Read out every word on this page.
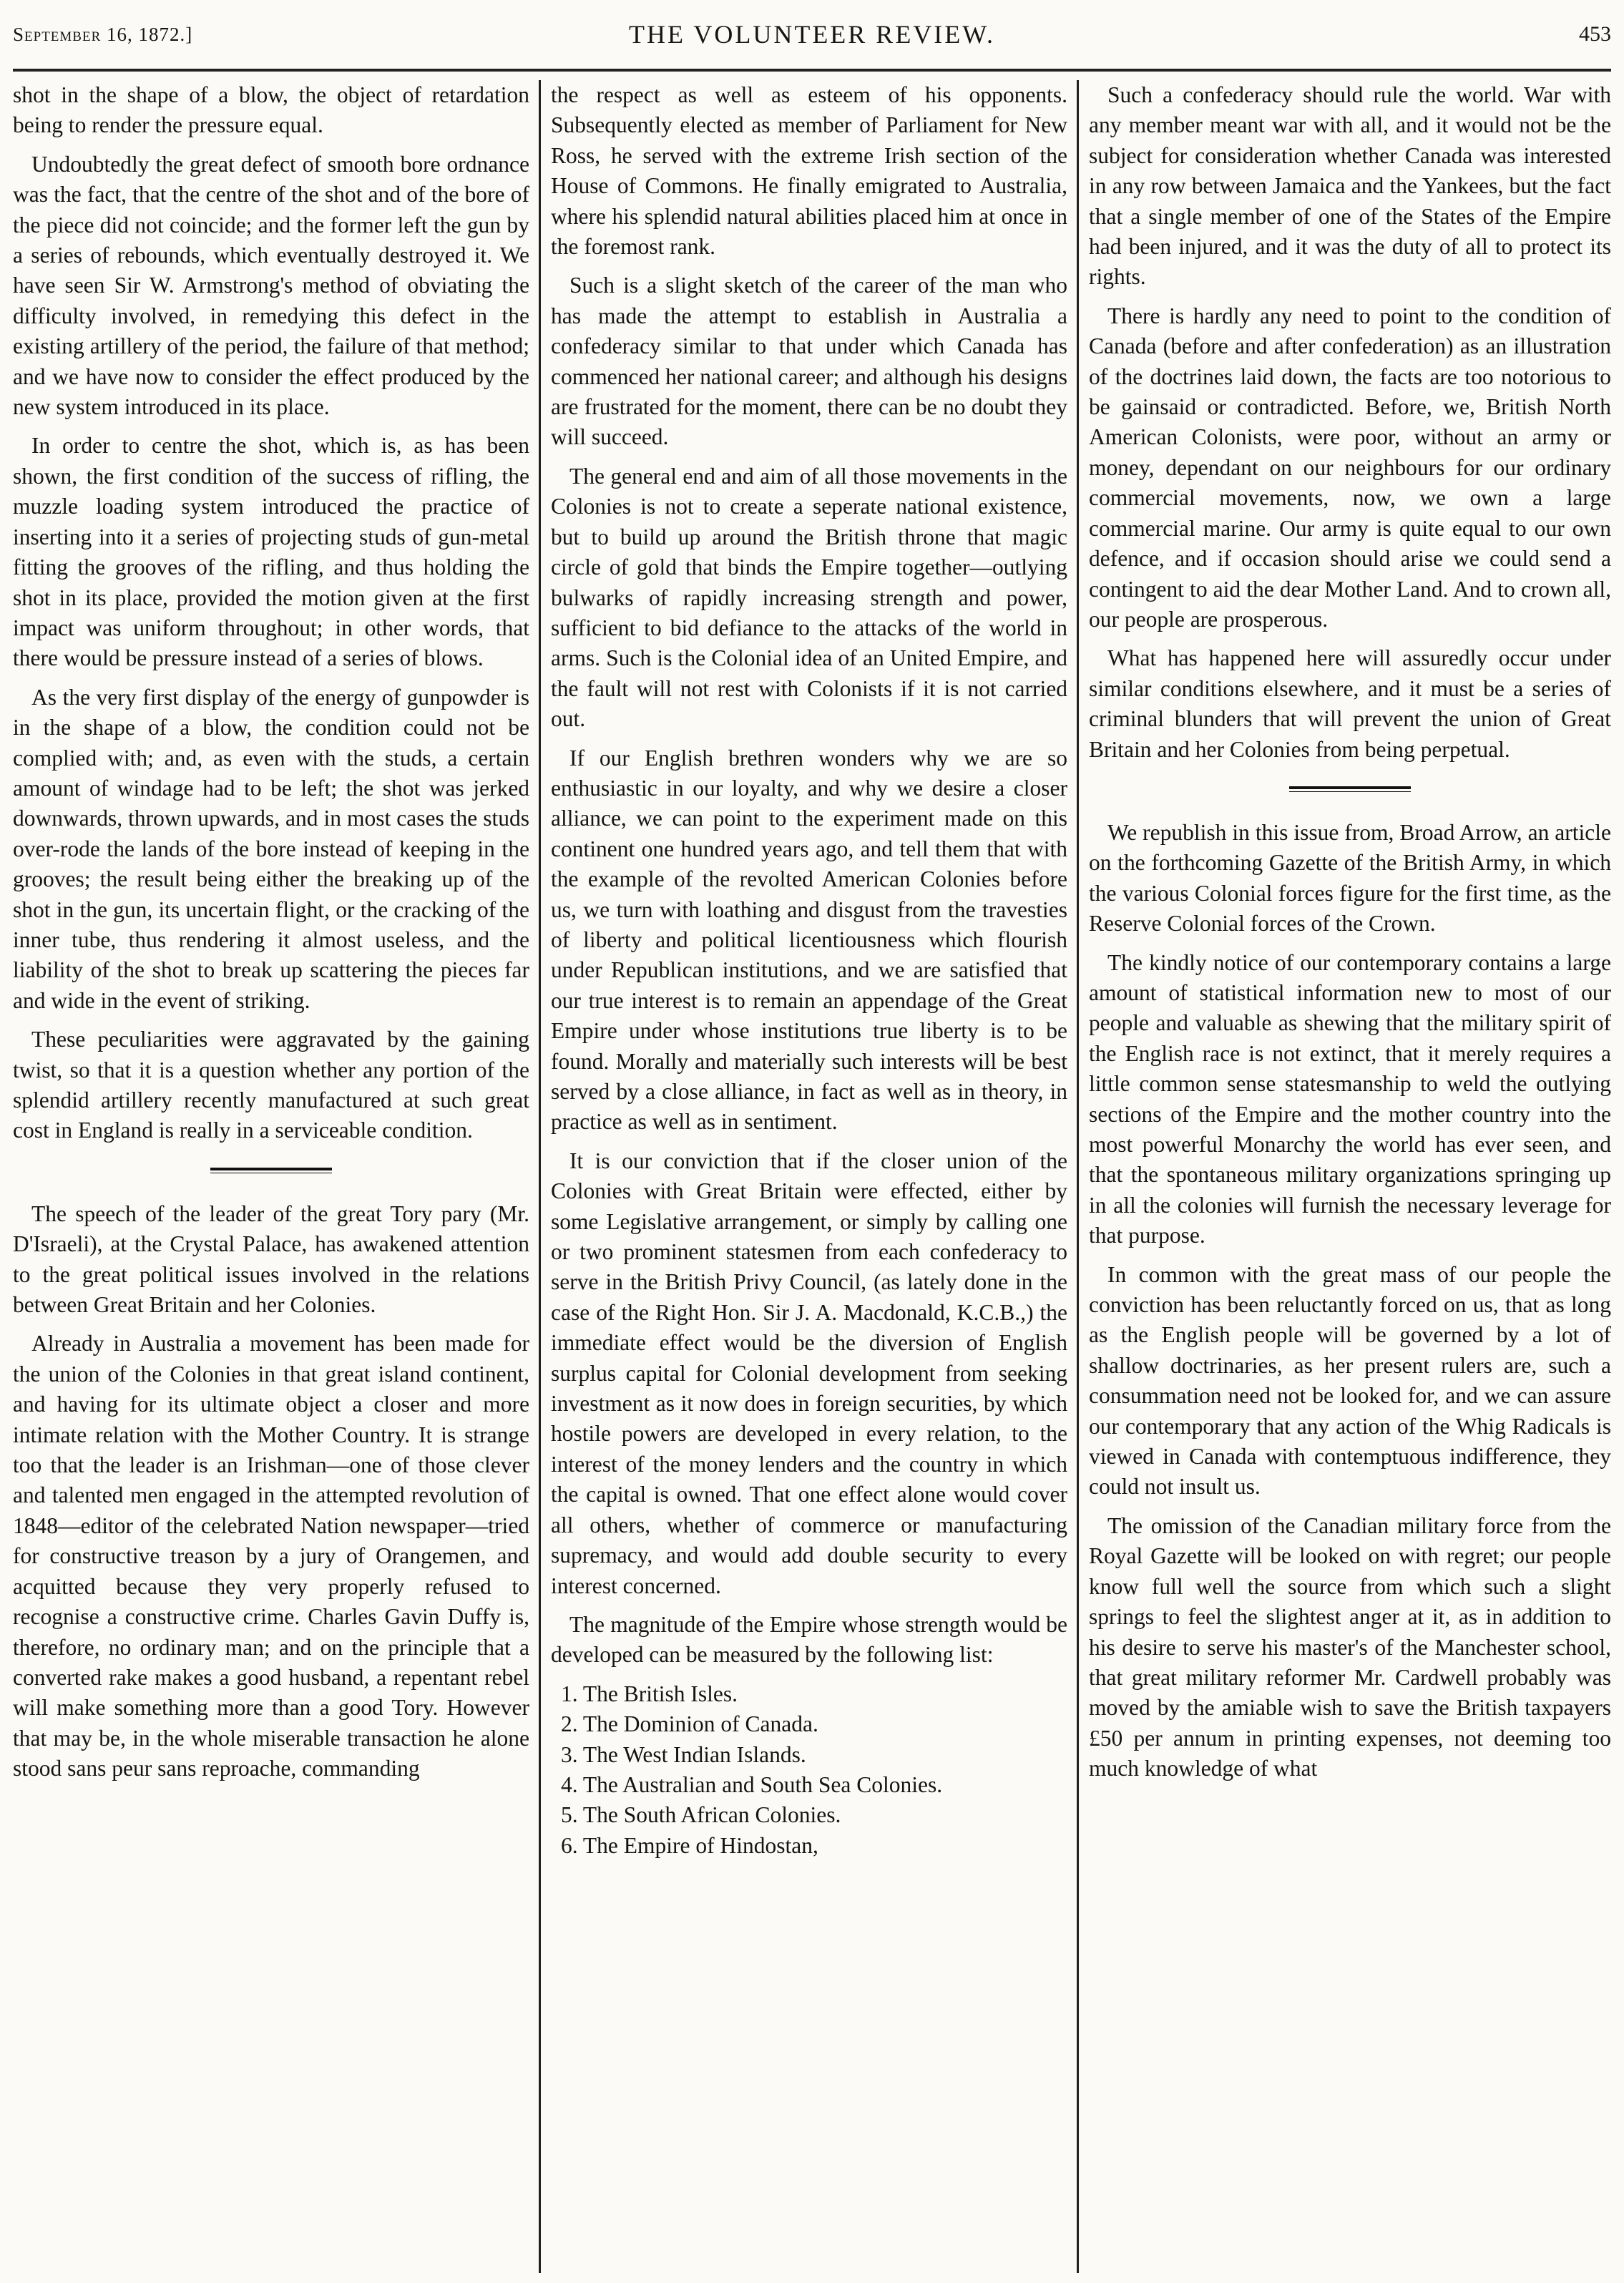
September 16, 1872.]	THE VOLUNTEER REVIEW.	453

shot in the shape of a blow, the object of retardation being to render the pressure equal.

Undoubtedly the great defect of smooth bore ordnance was the fact, that the centre of the shot and of the bore of the piece did not coincide; and the former left the gun by a series of rebounds, which eventually destroyed it. We have seen Sir W. Armstrong's method of obviating the difficulty involved, in remedying this defect in the existing artillery of the period, the failure of that method; and we have now to consider the effect produced by the new system introduced in its place.

In order to centre the shot, which is, as has been shown, the first condition of the success of rifling, the muzzle loading system introduced the practice of inserting into it a series of projecting studs of gun-metal fitting the grooves of the rifling, and thus holding the shot in its place, provided the motion given at the first impact was uniform throughout; in other words, that there would be pressure instead of a series of blows.

As the very first display of the energy of gunpowder is in the shape of a blow, the condition could not be complied with; and, as even with the studs, a certain amount of windage had to be left; the shot was jerked downwards, thrown upwards, and in most cases the studs over-rode the lands of the bore instead of keeping in the grooves; the result being either the breaking up of the shot in the gun, its uncertain flight, or the cracking of the inner tube, thus rendering it almost useless, and the liability of the shot to break up scattering the pieces far and wide in the event of striking.

These peculiarities were aggravated by the gaining twist, so that it is a question whether any portion of the splendid artillery recently manufactured at such great cost in England is really in a serviceable condition.

The speech of the leader of the great Tory pary (Mr. D'Israeli), at the Crystal Palace, has awakened attention to the great political issues involved in the relations between Great Britain and her Colonies.

Already in Australia a movement has been made for the union of the Colonies in that great island continent, and having for its ultimate object a closer and more intimate relation with the Mother Country. It is strange too that the leader is an Irishman—one of those clever and talented men engaged in the attempted revolution of 1848—editor of the celebrated Nation newspaper—tried for constructive treason by a jury of Orangemen, and acquitted because they very properly refused to recognise a constructive crime. Charles Gavin Duffy is, therefore, no ordinary man; and on the principle that a converted rake makes a good husband, a repentant rebel will make something more than a good Tory. However that may be, in the whole miserable transaction he alone stood sans peur sans reproache, commanding

the respect as well as esteem of his opponents. Subsequently elected as member of Parliament for New Ross, he served with the extreme Irish section of the House of Commons. He finally emigrated to Australia, where his splendid natural abilities placed him at once in the foremost rank.

Such is a slight sketch of the career of the man who has made the attempt to establish in Australia a confederacy similar to that under which Canada has commenced her national career; and although his designs are frustrated for the moment, there can be no doubt they will succeed.

The general end and aim of all those movements in the Colonies is not to create a seperate national existence, but to build up around the British throne that magic circle of gold that binds the Empire together—outlying bulwarks of rapidly increasing strength and power, sufficient to bid defiance to the attacks of the world in arms. Such is the Colonial idea of an United Empire, and the fault will not rest with Colonists if it is not carried out.

If our English brethren wonders why we are so enthusiastic in our loyalty, and why we desire a closer alliance, we can point to the experiment made on this continent one hundred years ago, and tell them that with the example of the revolted American Colonies before us, we turn with loathing and disgust from the travesties of liberty and political licentiousness which flourish under Republican institutions, and we are satisfied that our true interest is to remain an appendage of the Great Empire under whose institutions true liberty is to be found. Morally and materially such interests will be best served by a close alliance, in fact as well as in theory, in practice as well as in sentiment.

It is our conviction that if the closer union of the Colonies with Great Britain were effected, either by some Legislative arrangement, or simply by calling one or two prominent statesmen from each confederacy to serve in the British Privy Council, (as lately done in the case of the Right Hon. Sir J. A. Macdonald, K.C.B.,) the immediate effect would be the diversion of English surplus capital for Colonial development from seeking investment as it now does in foreign securities, by which hostile powers are developed in every relation, to the interest of the money lenders and the country in which the capital is owned. That one effect alone would cover all others, whether of commerce or manufacturing supremacy, and would add double security to every interest concerned.

The magnitude of the Empire whose strength would be developed can be measured by the following list:

1. The British Isles.
2. The Dominion of Canada.
3. The West Indian Islands.
4. The Australian and South Sea Colonies.
5. The South African Colonies.
6. The Empire of Hindostan,

Such a confederacy should rule the world. War with any member meant war with all, and it would not be the subject for consideration whether Canada was interested in any row between Jamaica and the Yankees, but the fact that a single member of one of the States of the Empire had been injured, and it was the duty of all to protect its rights.

There is hardly any need to point to the condition of Canada (before and after confederation) as an illustration of the doctrines laid down, the facts are too notorious to be gainsaid or contradicted. Before, we, British North American Colonists, were poor, without an army or money, dependant on our neighbours for our ordinary commercial movements, now, we own a large commercial marine. Our army is quite equal to our own defence, and if occasion should arise we could send a contingent to aid the dear Mother Land. And to crown all, our people are prosperous.

What has happened here will assuredly occur under similar conditions elsewhere, and it must be a series of criminal blunders that will prevent the union of Great Britain and her Colonies from being perpetual.

We republish in this issue from, Broad Arrow, an article on the forthcoming Gazette of the British Army, in which the various Colonial forces figure for the first time, as the Reserve Colonial forces of the Crown.

The kindly notice of our contemporary contains a large amount of statistical information new to most of our people and valuable as shewing that the military spirit of the English race is not extinct, that it merely requires a little common sense statesmanship to weld the outlying sections of the Empire and the mother country into the most powerful Monarchy the world has ever seen, and that the spontaneous military organizations springing up in all the colonies will furnish the necessary leverage for that purpose.

In common with the great mass of our people the conviction has been reluctantly forced on us, that as long as the English people will be governed by a lot of shallow doctrinaries, as her present rulers are, such a consummation need not be looked for, and we can assure our contemporary that any action of the Whig Radicals is viewed in Canada with contemptuous indifference, they could not insult us.

The omission of the Canadian military force from the Royal Gazette will be looked on with regret; our people know full well the source from which such a slight springs to feel the slightest anger at it, as in addition to his desire to serve his master's of the Manchester school, that great military reformer Mr. Cardwell probably was moved by the amiable wish to save the British taxpayers £50 per annum in printing expenses, not deeming too much knowledge of what
